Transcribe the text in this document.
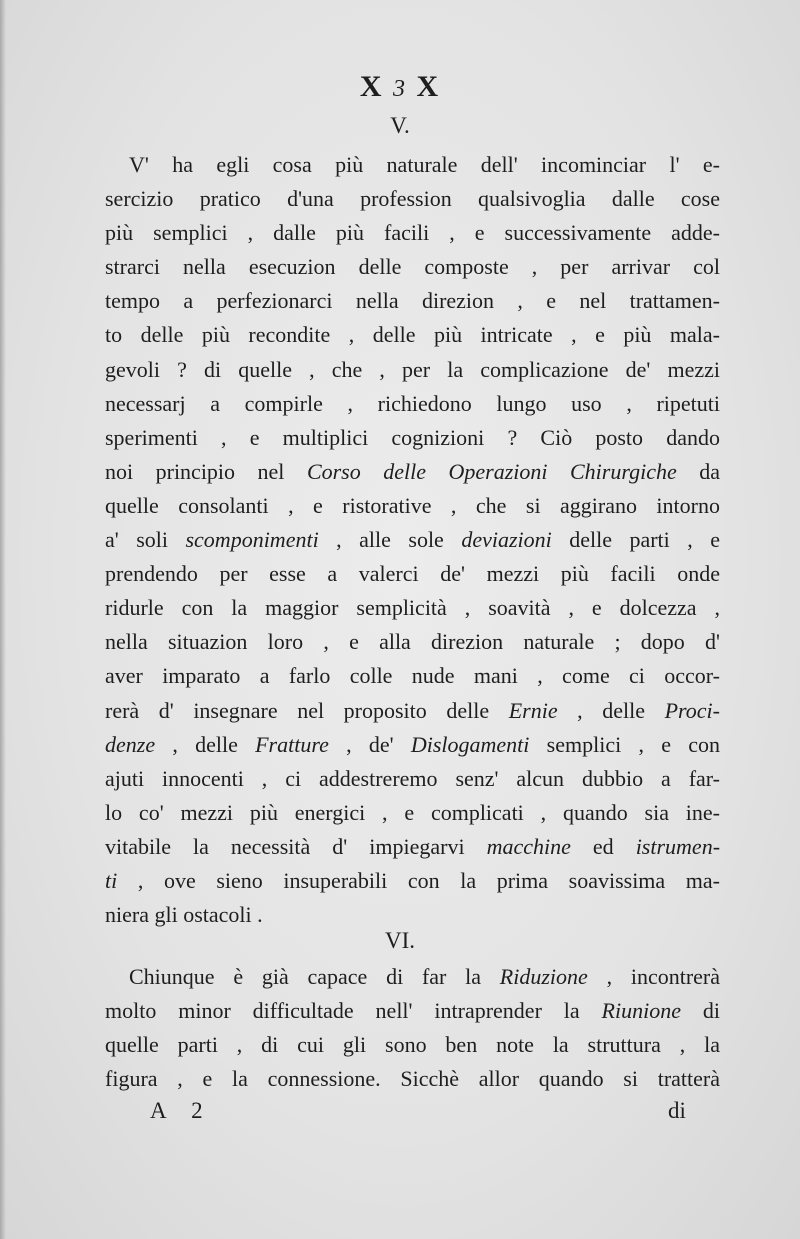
X 3 X
V.
V' ha egli cosa più naturale dell' incominciar l' e-
sercizio pratico d'una profession qualsivoglia dalle cose
più semplici , dalle più facili , e successivamente adde-
strarci nella esecuzion delle composte , per arrivar col
tempo a perfezionarci nella direzion , e nel trattamen-
to delle più recondite , delle più intricate , e più mala-
gevoli ? di quelle , che , per la complicazione de' mezzi
necessarj a compirle , richiedono lungo uso , ripetuti
sperimenti , e multiplici cognizioni ? Ciò posto dando
noi principio nel Corso delle Operazioni Chirurgiche da
quelle consolanti , e ristorative , che si aggirano intorno
a' soli scomponimenti , alle sole deviazioni delle parti , e
prendendo per esse a valerci de' mezzi più facili onde
ridurle con la maggior semplicità , soavità , e dolcezza ,
nella situazion loro , e alla direzion naturale ; dopo d'
aver imparato a farlo colle nude mani , come ci occor-
rerà d' insegnare nel proposito delle Ernie , delle Proci-
denze , delle Fratture , de' Dislogamenti semplici , e con
ajuti innocenti , ci addestreremo senz' alcun dubbio a far-
lo co' mezzi più energici , e complicati , quando sia ine-
vitabile la necessità d' impiegarvi macchine ed istrumen-
ti , ove sieno insuperabili con la prima soavissima ma-
niera gli ostacoli .
VI.
Chiunque è già capace di far la Riduzione , incontrerà
molto minor difficultade nell' intraprender la Riunione di
quelle parti , di cui gli sono ben note la struttura , la
figura , e la connessione. Sicchè allor quando si tratterà
A 2	di
